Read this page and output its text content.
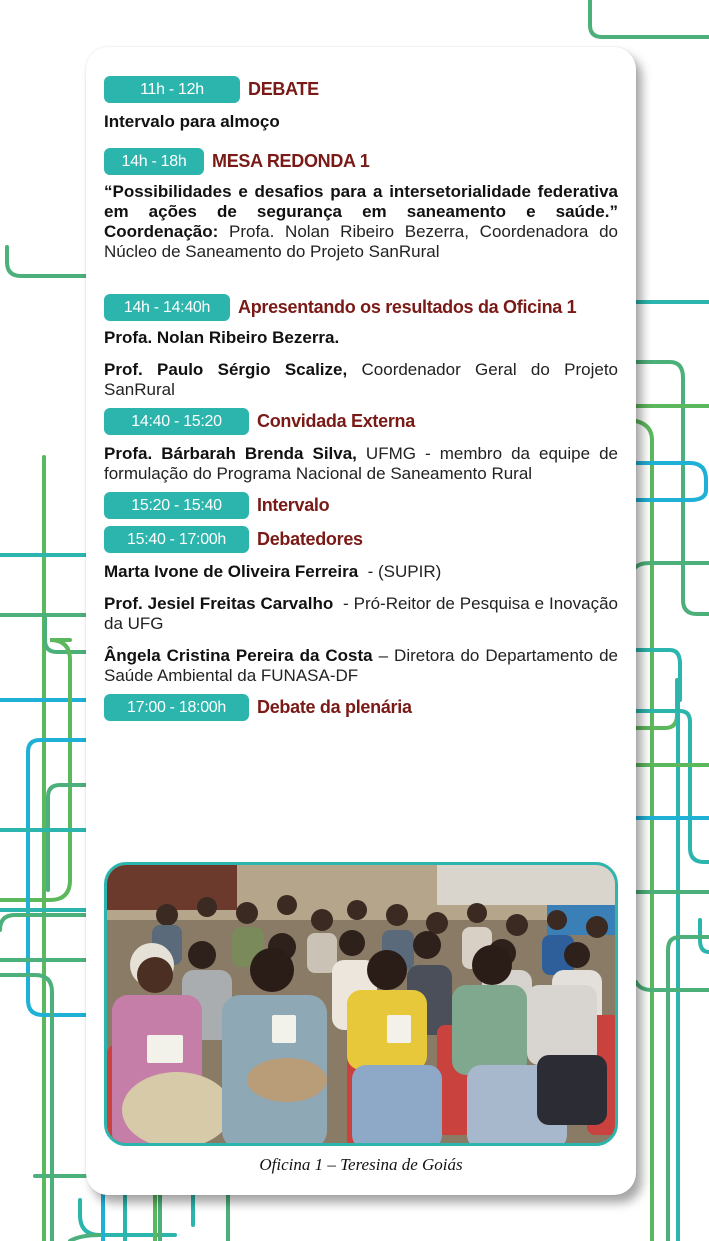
11h - 12h	DEBATE
Intervalo para almoço
14h - 18h	MESA REDONDA 1
“Possibilidades e desafios para a intersetorialidade federativa em ações de segurança em saneamento e saúde.” Coordenação: Profa. Nolan Ribeiro Bezerra, Coordenadora do Núcleo de Saneamento do Projeto SanRural
14h - 14:40h	Apresentando os resultados da Oficina 1
Profa. Nolan Ribeiro Bezerra.
Prof. Paulo Sérgio Scalize, Coordenador Geral do Projeto SanRural
14:40 - 15:20	Convidada Externa
Profa. Bárbarah Brenda Silva, UFMG - membro da equipe de formulação do Programa Nacional de Saneamento Rural
15:20 - 15:40	Intervalo
15:40 - 17:00h	Debatedores
Marta Ivone de Oliveira Ferreira  - (SUPIR)
Prof. Jesiel Freitas Carvalho  - Pró-Reitor de Pesquisa e Inovação da UFG
Ângela Cristina Pereira da Costa – Diretora do Departamento de Saúde Ambiental da FUNASA-DF
17:00 - 18:00h	Debate da plenária
Oficina 1 – Teresina de Goiás
